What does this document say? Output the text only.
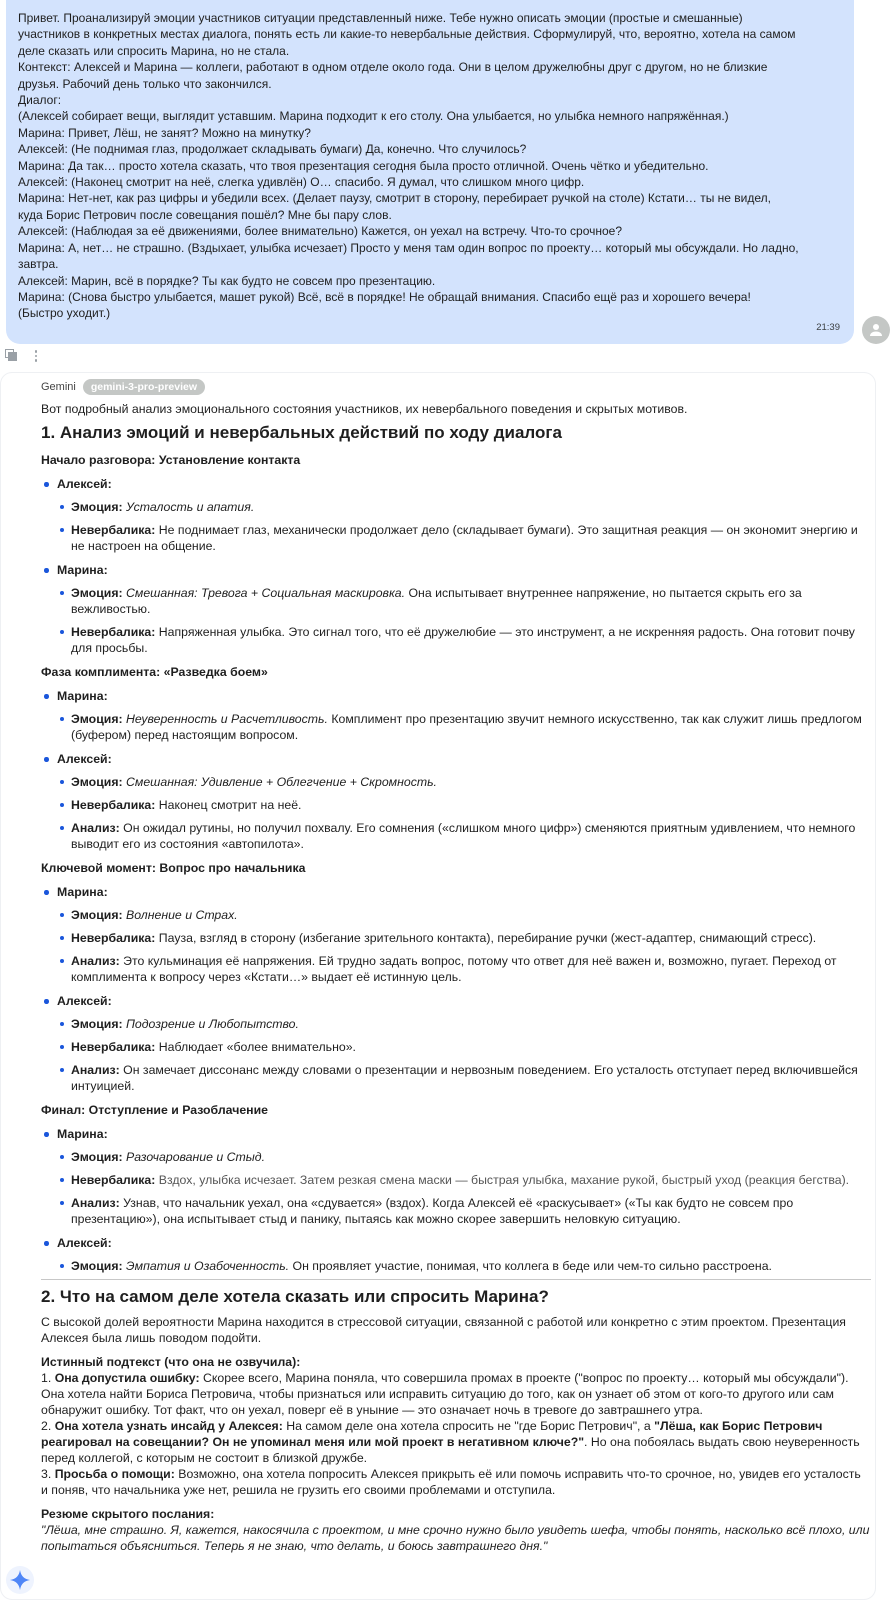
Привет. Проанализируй эмоции участников ситуации представленный ниже. Тебе нужно описать эмоции (простые и смешанные)
участников в конкретных местах диалога, понять есть ли какие-то невербальные действия. Сформулируй, что, вероятно, хотела на самом
деле сказать или спросить Марина, но не стала.
Контекст: Алексей и Марина — коллеги, работают в одном отделе около года. Они в целом дружелюбны друг с другом, но не близкие
друзья. Рабочий день только что закончился.
Диалог:
(Алексей собирает вещи, выглядит уставшим. Марина подходит к его столу. Она улыбается, но улыбка немного напряжённая.)
Марина: Привет, Лёш, не занят? Можно на минутку?
Алексей: (Не поднимая глаз, продолжает складывать бумаги) Да, конечно. Что случилось?
Марина: Да так… просто хотела сказать, что твоя презентация сегодня была просто отличной. Очень чётко и убедительно.
Алексей: (Наконец смотрит на неё, слегка удивлён) О… спасибо. Я думал, что слишком много цифр.
Марина: Нет-нет, как раз цифры и убедили всех. (Делает паузу, смотрит в сторону, перебирает ручкой на столе) Кстати… ты не видел,
куда Борис Петрович после совещания пошёл? Мне бы пару слов.
Алексей: (Наблюдая за её движениями, более внимательно) Кажется, он уехал на встречу. Что-то срочное?
Марина: А, нет… не страшно. (Вздыхает, улыбка исчезает) Просто у меня там один вопрос по проекту… который мы обсуждали. Но ладно,
завтра.
Алексей: Марин, всё в порядке? Ты как будто не совсем про презентацию.
Марина: (Снова быстро улыбается, машет рукой) Всё, всё в порядке! Не обращай внимания. Спасибо ещё раз и хорошего вечера!
(Быстро уходит.)
21:39
Gemini	gemini-3-pro-preview

Вот подробный анализ эмоционального состояния участников, их невербального поведения и скрытых мотивов.

1. Анализ эмоций и невербальных действий по ходу диалога
Начало разговора: Установление контакта
Алексей:
Эмоция: Усталость и апатия.
Невербалика: Не поднимает глаз, механически продолжает дело (складывает бумаги). Это защитная реакция — он экономит энергию и не настроен на общение.
Марина:
Эмоция: Смешанная: Тревога + Социальная маскировка. Она испытывает внутреннее напряжение, но пытается скрыть его за вежливостью.
Невербалика: Напряженная улыбка. Это сигнал того, что её дружелюбие — это инструмент, а не искренняя радость. Она готовит почву для просьбы.
Фаза комплимента: «Разведка боем»
Марина:
Эмоция: Неуверенность и Расчетливость. Комплимент про презентацию звучит немного искусственно, так как служит лишь предлогом (буфером) перед настоящим вопросом.
Алексей:
Эмоция: Смешанная: Удивление + Облегчение + Скромность.
Невербалика: Наконец смотрит на неё.
Анализ: Он ожидал рутины, но получил похвалу. Его сомнения («слишком много цифр») сменяются приятным удивлением, что немного выводит его из состояния «автопилота».
Ключевой момент: Вопрос про начальника
Марина:
Эмоция: Волнение и Страх.
Невербалика: Пауза, взгляд в сторону (избегание зрительного контакта), перебирание ручки (жест-адаптер, снимающий стресс).
Анализ: Это кульминация её напряжения. Ей трудно задать вопрос, потому что ответ для неё важен и, возможно, пугает. Переход от комплимента к вопросу через «Кстати…» выдает её истинную цель.
Алексей:
Эмоция: Подозрение и Любопытство.
Невербалика: Наблюдает «более внимательно».
Анализ: Он замечает диссонанс между словами о презентации и нервозным поведением. Его усталость отступает перед включившейся интуицией.
Финал: Отступление и Разоблачение
Марина:
Эмоция: Разочарование и Стыд.
Невербалика: Вздох, улыбка исчезает. Затем резкая смена маски — быстрая улыбка, махание рукой, быстрый уход (реакция бегства).
Анализ: Узнав, что начальник уехал, она «сдувается» (вздох). Когда Алексей её «раскусывает» («Ты как будто не совсем про презентацию»), она испытывает стыд и панику, пытаясь как можно скорее завершить неловкую ситуацию.
Алексей:
Эмоция: Эмпатия и Озабоченность. Он проявляет участие, понимая, что коллега в беде или чем-то сильно расстроена.
2. Что на самом деле хотела сказать или спросить Марина?

С высокой долей вероятности Марина находится в стрессовой ситуации, связанной с работой или конкретно с этим проектом. Презентация Алексея была лишь поводом подойти.

Истинный подтекст (что она не озвучила):

1. Она допустила ошибку: Скорее всего, Марина поняла, что совершила промах в проекте ("вопрос по проекту… который мы обсуждали"). Она хотела найти Бориса Петровича, чтобы признаться или исправить ситуацию до того, как он узнает об этом от кого-то другого или сам обнаружит ошибку. Тот факт, что он уехал, поверг её в уныние — это означает ночь в тревоге до завтрашнего утра.

2. Она хотела узнать инсайд у Алексея: На самом деле она хотела спросить не "где Борис Петрович", а "Лёша, как Борис Петрович реагировал на совещании? Он не упоминал меня или мой проект в негативном ключе?". Но она побоялась выдать свою неуверенность перед коллегой, с которым не состоит в близкой дружбе.

3. Просьба о помощи: Возможно, она хотела попросить Алексея прикрыть её или помочь исправить что-то срочное, но, увидев его усталость и поняв, что начальника уже нет, решила не грузить его своими проблемами и отступила.

Резюме скрытого послания:

"Лёша, мне страшно. Я, кажется, накосячила с проектом, и мне срочно нужно было увидеть шефа, чтобы понять, насколько всё плохо, или попытаться объясниться. Теперь я не знаю, что делать, и боюсь завтрашнего дня."
